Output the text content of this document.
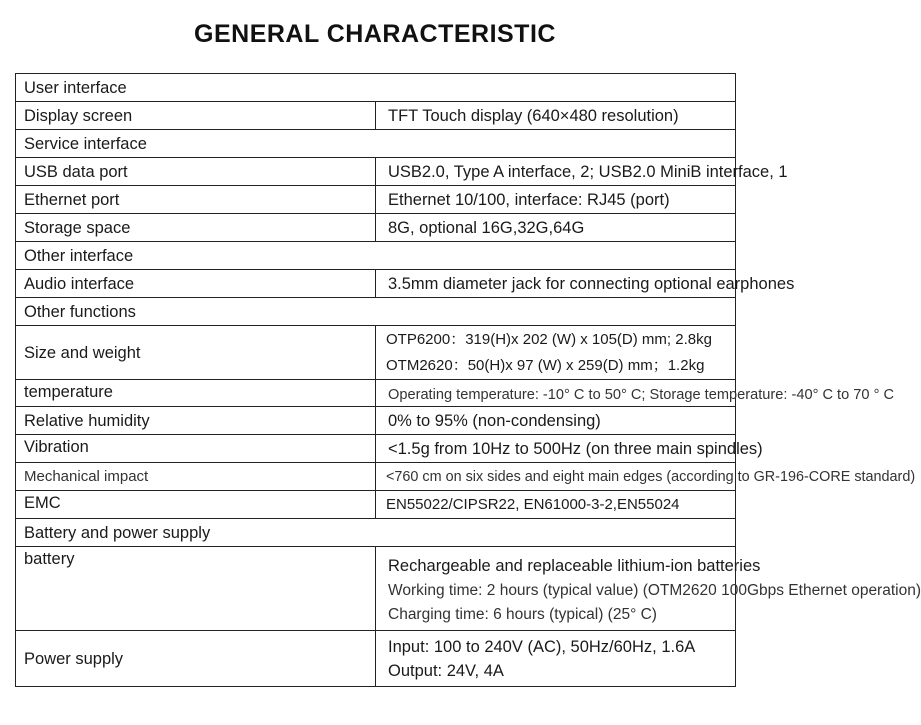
GENERAL CHARACTERISTIC
User interface	
Display screen	TFT Touch display (640×480 resolution)
Service interface	
USB data port	USB2.0, Type A interface, 2; USB2.0 MiniB interface, 1
Ethernet port	Ethernet 10/100, interface: RJ45 (port)
Storage space	8G, optional 16G,32G,64G
Other interface	
Audio interface	3.5mm diameter jack for connecting optional earphones
Other functions	
Size and weight	OTP6200：319(H)x 202 (W) x 105(D) mm; 2.8kg
OTM2620：50(H)x 97 (W) x 259(D) mm；1.2kg

temperature	Operating temperature: -10° C to 50° C; Storage temperature: -40° C to 70 ° C
Relative humidity	0% to 95% (non-condensing)
Vibration	<1.5g from 10Hz to 500Hz (on three main spindles)
Mechanical impact	<760 cm on six sides and eight main edges (according to GR-196-CORE standard)
EMC	EN55022/CIPSR22, EN61000-3-2,EN55024
Battery and power supply	
battery	Rechargeable and replaceable lithium-ion batteries
Working time: 2 hours (typical value) (OTM2620 100Gbps Ethernet operation)
Charging time: 6 hours (typical) (25° C)

Power supply	Input: 100 to 240V (AC), 50Hz/60Hz, 1.6A
Output: 24V, 4A
